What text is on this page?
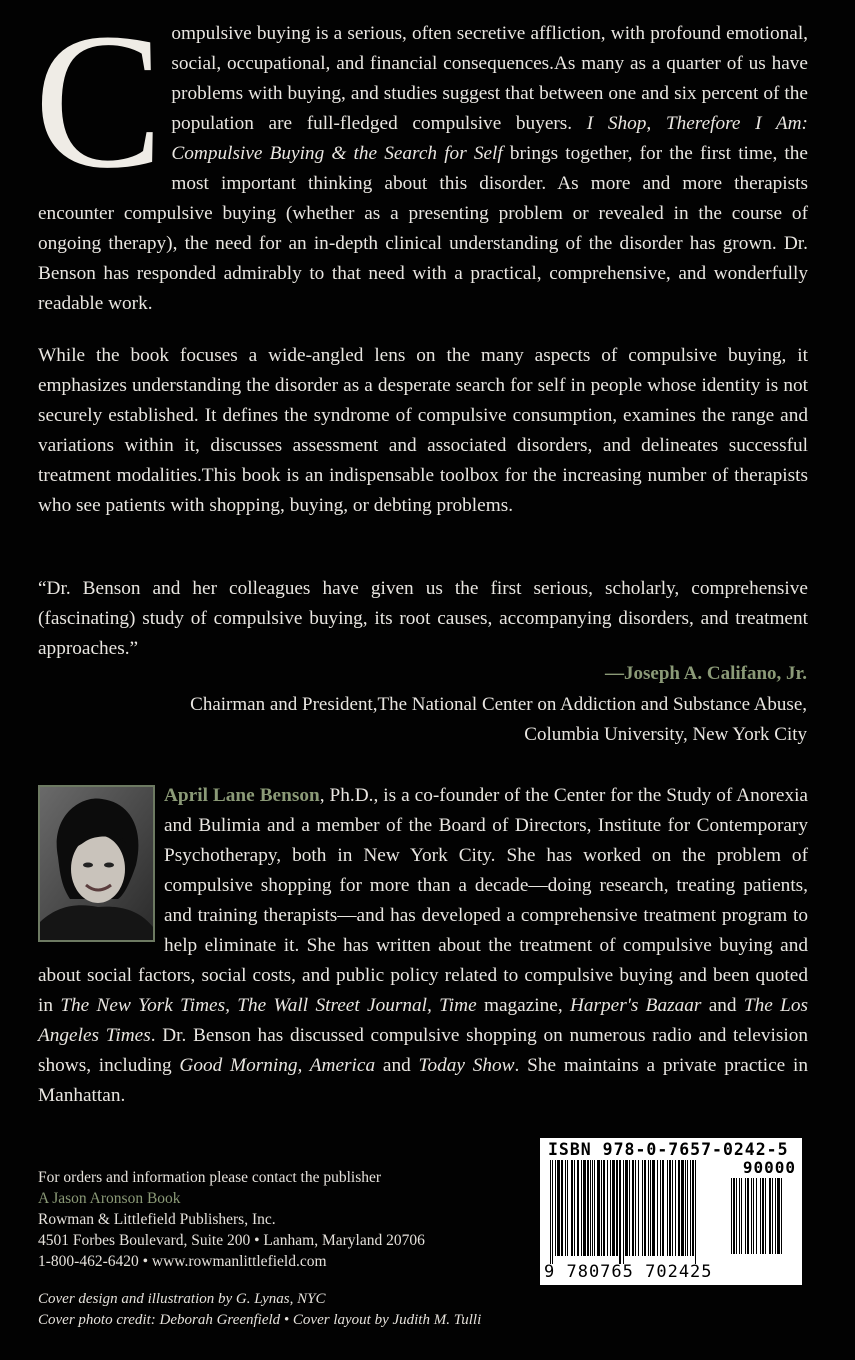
Compulsive buying is a serious, often secretive affliction, with profound emotional, social, occupational, and financial consequences.As many as a quarter of us have problems with buying, and studies suggest that between one and six percent of the population are full-fledged compulsive buyers. I Shop, Therefore I Am: Compulsive Buying & the Search for Self brings together, for the first time, the most important thinking about this disorder. As more and more therapists encounter compulsive buying (whether as a presenting problem or revealed in the course of ongoing therapy), the need for an in-depth clinical understanding of the disorder has grown. Dr. Benson has responded admirably to that need with a practical, comprehensive, and wonderfully readable work.

While the book focuses a wide-angled lens on the many aspects of compulsive buying, it emphasizes understanding the disorder as a desperate search for self in people whose identity is not securely established. It defines the syndrome of compulsive consumption, examines the range and variations within it, discusses assessment and associated disorders, and delineates successful treatment modalities.This book is an indispensable toolbox for the increasing number of therapists who see patients with shopping, buying, or debting problems.

“Dr. Benson and her colleagues have given us the first serious, scholarly, comprehensive (fascinating) study of compulsive buying, its root causes, accompanying disorders, and treatment approaches.”

—Joseph A. Califano, Jr.
Chairman and President,The National Center on Addiction and Substance Abuse,
Columbia University, New York City

April Lane Benson, Ph.D., is a co-founder of the Center for the Study of Anorexia and Bulimia and a member of the Board of Directors, Institute for Contemporary Psychotherapy, both in New York City. She has worked on the problem of compulsive shopping for more than a decade—doing research, treating patients, and training therapists—and has developed a comprehensive treatment program to help eliminate it. She has written about the treatment of compulsive buying and about social factors, social costs, and public policy related to compulsive buying and been quoted in The New York Times, The Wall Street Journal, Time magazine, Harper's Bazaar and The Los Angeles Times. Dr. Benson has discussed compulsive shopping on numerous radio and television shows, including Good Morning, America and Today Show. She maintains a private practice in Manhattan.

For orders and information please contact the publisher
A Jason Aronson Book
Rowman & Littlefield Publishers, Inc.
4501 Forbes Boulevard, Suite 200 • Lanham, Maryland 20706
1-800-462-6420 • www.rowmanlittlefield.com
Cover design and illustration by G. Lynas, NYC
Cover photo credit: Deborah Greenfield • Cover layout by Judith M. Tulli
ISBN 978-0-7657-0242-5
90000
9 780765 702425
